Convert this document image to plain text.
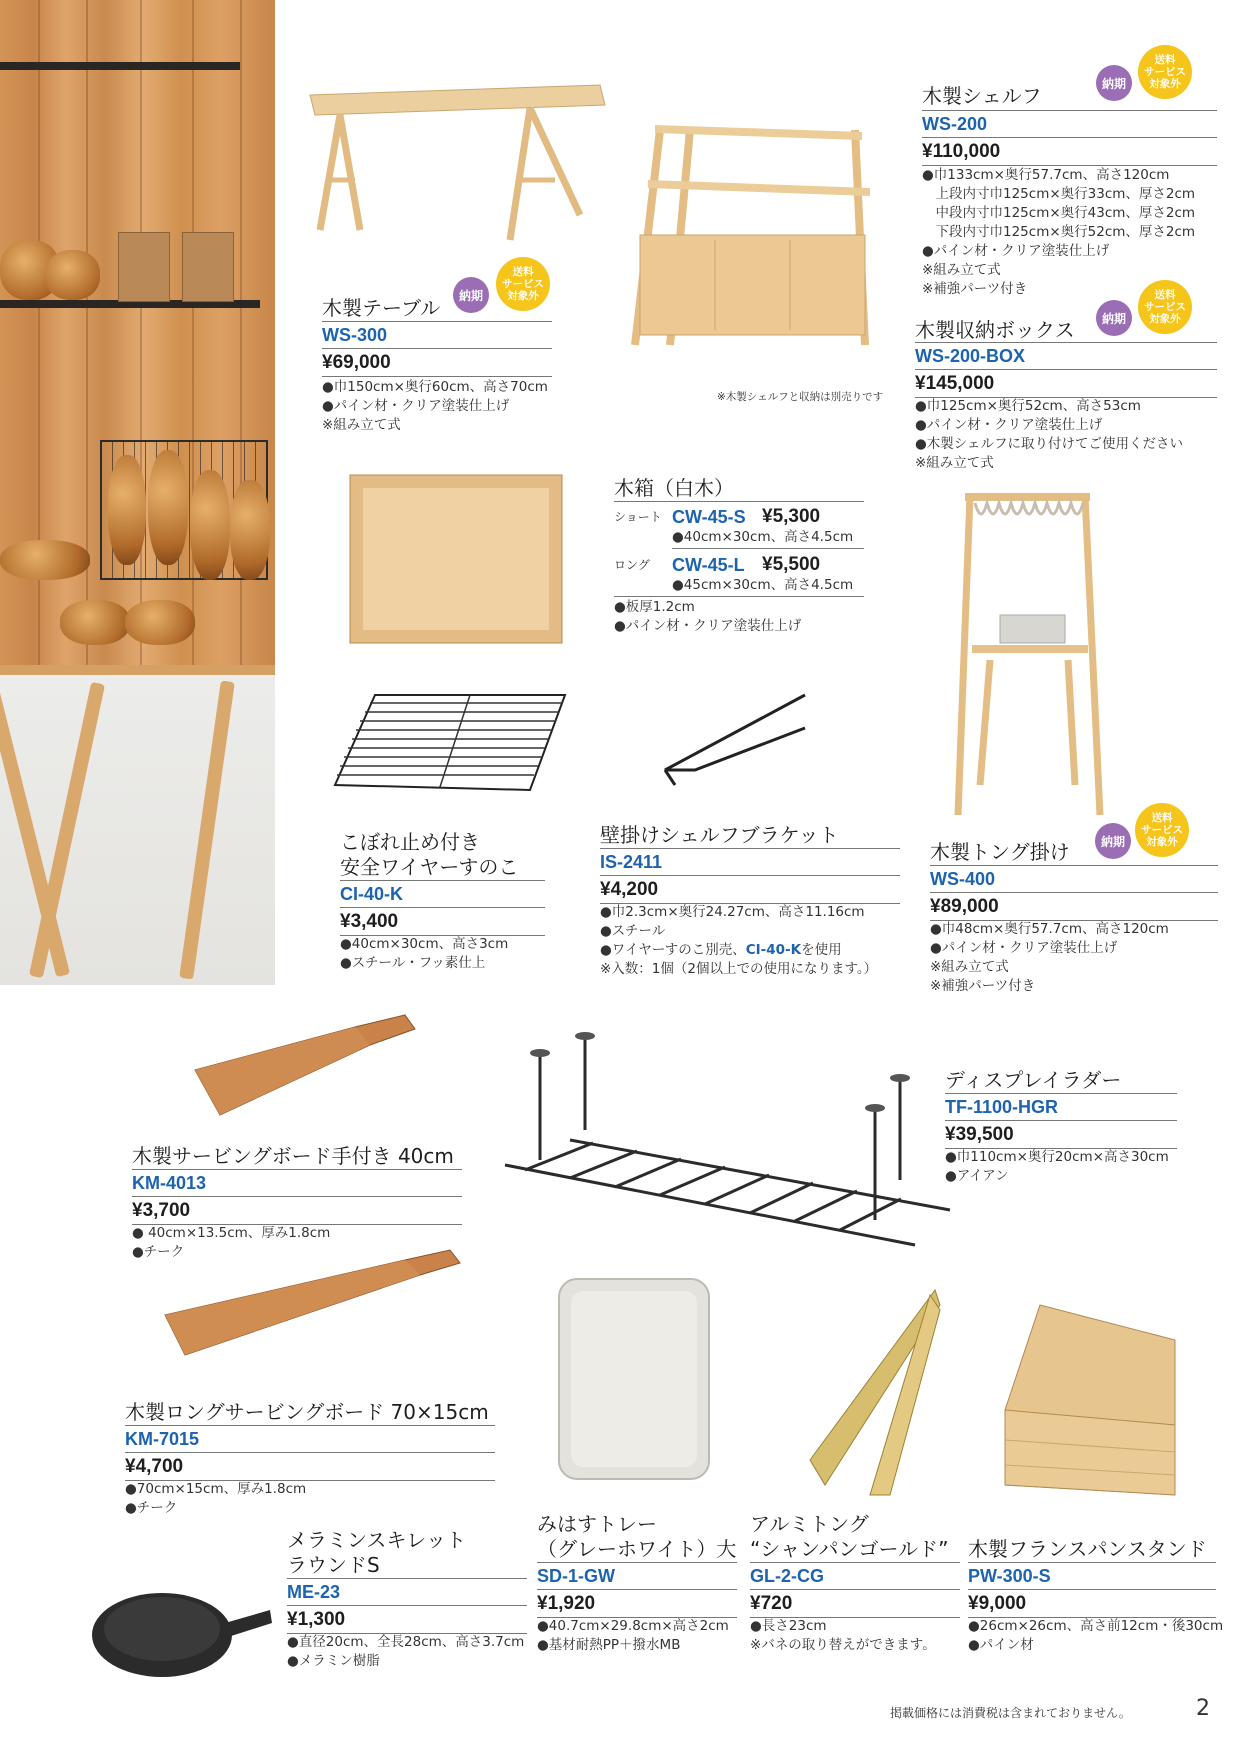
※木製シェルフと収納は別売りです
納期
送料
サービス
対象外
木製テーブル
WS-300
¥69,000
●巾150cm×奥行60cm、高さ70cm
●パイン材・クリア塗装仕上げ
※組み立て式
納期
送料
サービス
対象外
木製シェルフ
WS-200
¥110,000
●巾133cm×奥行57.7cm、高さ120cm
　上段内寸巾125cm×奥行33cm、厚さ2cm
　中段内寸巾125cm×奥行43cm、厚さ2cm
　下段内寸巾125cm×奥行52cm、厚さ2cm
●パイン材・クリア塗装仕上げ
※組み立て式
※補強パーツ付き
納期
送料
サービス
対象外
木製収納ボックス
WS-200-BOX
¥145,000
●巾125cm×奥行52cm、高さ53cm
●パイン材・クリア塗装仕上げ
●木製シェルフに取り付けてご使用ください
※組み立て式
木箱（白木）
ショート CW-45-S ¥5,300
●40cm×30cm、高さ4.5cm
ロング CW-45-L ¥5,500
●45cm×30cm、高さ4.5cm
●板厚1.2cm
●パイン材・クリア塗装仕上げ
こぼれ止め付き
安全ワイヤーすのこ
CI-40-K
¥3,400
●40cm×30cm、高さ3cm
●スチール・フッ素仕上
壁掛けシェルフブラケット
IS-2411
¥4,200
●巾2.3cm×奥行24.27cm、高さ11.16cm
●スチール
●ワイヤーすのこ別売、CI-40-Kを使用
※入数：1個（2個以上での使用になります。）
納期
送料
サービス
対象外
木製トング掛け
WS-400
¥89,000
●巾48cm×奥行57.7cm、高さ120cm
●パイン材・クリア塗装仕上げ
※組み立て式
※補強パーツ付き
木製サービングボード手付き 40cm
KM-4013
¥3,700
● 40cm×13.5cm、厚み1.8cm
●チーク
ディスプレイラダー
TF-1100-HGR
¥39,500
●巾110cm×奥行20cm×高さ30cm
●アイアン
木製ロングサービングボード 70×15cm
KM-7015
¥4,700
●70cm×15cm、厚み1.8cm
●チーク
メラミンスキレット
ラウンドS
ME-23
¥1,300
●直径20cm、全長28cm、高さ3.7cm
●メラミン樹脂
みはすトレー
（グレーホワイト）大
SD-1-GW
¥1,920
●40.7cm×29.8cm×高さ2cm
●基材耐熱PP＋撥水MB
アルミトング
“シャンパンゴールド”
GL-2-CG
¥720
●長さ23cm
※バネの取り替えができます。
木製フランスパンスタンド
PW-300-S
¥9,000
●26cm×26cm、高さ前12cm・後30cm
●パイン材
掲載価格には消費税は含まれておりません。	2
